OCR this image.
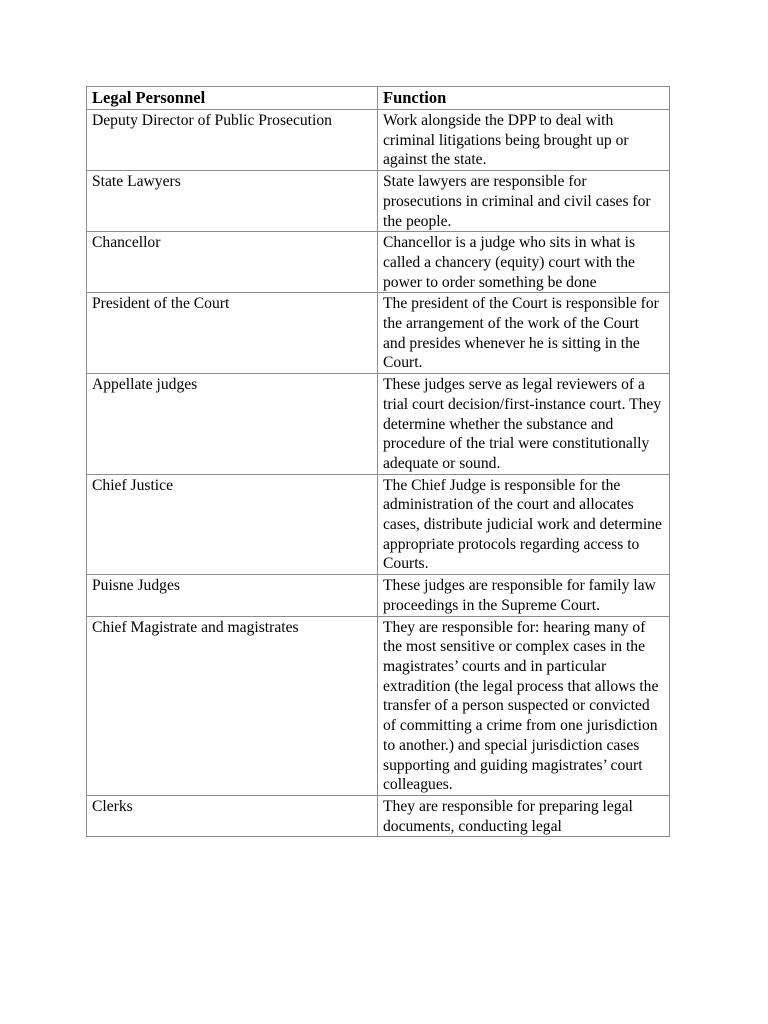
Legal Personnel	Function
Deputy Director of Public Prosecution	Work alongside the DPP to deal with criminal litigations being brought up or against the state.
State Lawyers	State lawyers are responsible for prosecutions in criminal and civil cases for the people.
Chancellor	Chancellor is a judge who sits in what is called a chancery (equity) court with the power to order something be done
President of the Court	The president of the Court is responsible for the arrangement of the work of the Court and presides whenever he is sitting in the Court.
Appellate judges	These judges serve as legal reviewers of a trial court decision/first-instance court. They determine whether the substance and procedure of the trial were constitutionally adequate or sound.
Chief Justice	The Chief Judge is responsible for the administration of the court and allocates cases, distribute judicial work and determine appropriate protocols regarding access to Courts.
Puisne Judges	These judges are responsible for family law proceedings in the Supreme Court.
Chief Magistrate and magistrates	They are responsible for: hearing many of the most sensitive or complex cases in the magistrates’ courts and in particular extradition (the legal process that allows the transfer of a person suspected or convicted of committing a crime from one jurisdiction to another.) and special jurisdiction cases supporting and guiding magistrates’ court colleagues.
Clerks	They are responsible for preparing legal documents, conducting legal
